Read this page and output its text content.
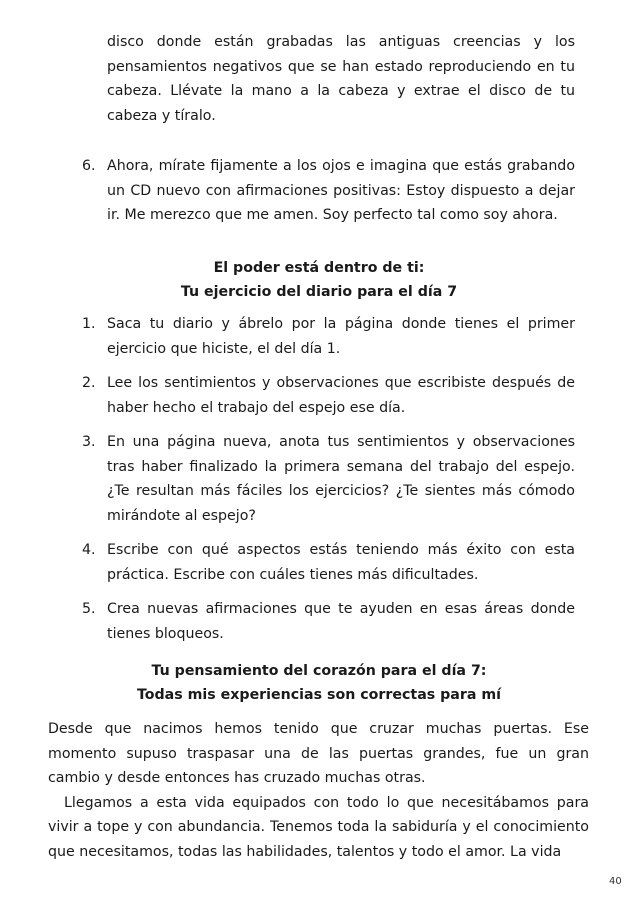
disco donde están grabadas las antiguas creencias y los pensamientos negativos que se han estado reproduciendo en tu cabeza. Llévate la mano a la cabeza y extrae el disco de tu cabeza y tíralo.

6. Ahora, mírate fijamente a los ojos e imagina que estás grabando un CD nuevo con afirmaciones positivas: Estoy dispuesto a dejar ir. Me merezco que me amen. Soy perfecto tal como soy ahora.
El poder está dentro de ti:
Tu ejercicio del diario para el día 7
1. Saca tu diario y ábrelo por la página donde tienes el primer ejercicio que hiciste, el del día 1.
2. Lee los sentimientos y observaciones que escribiste después de haber hecho el trabajo del espejo ese día.
3. En una página nueva, anota tus sentimientos y observaciones tras haber finalizado la primera semana del trabajo del espejo. ¿Te resultan más fáciles los ejercicios? ¿Te sientes más cómodo mirándote al espejo?
4. Escribe con qué aspectos estás teniendo más éxito con esta práctica. Escribe con cuáles tienes más dificultades.
5. Crea nuevas afirmaciones que te ayuden en esas áreas donde tienes bloqueos.
Tu pensamiento del corazón para el día 7:
Todas mis experiencias son correctas para mí

Desde que nacimos hemos tenido que cruzar muchas puertas. Ese momento supuso traspasar una de las puertas grandes, fue un gran cambio y desde entonces has cruzado muchas otras.

Llegamos a esta vida equipados con todo lo que necesitábamos para vivir a tope y con abundancia. Tenemos toda la sabiduría y el conocimiento que necesitamos, todas las habilidades, talentos y todo el amor. La vida

40
